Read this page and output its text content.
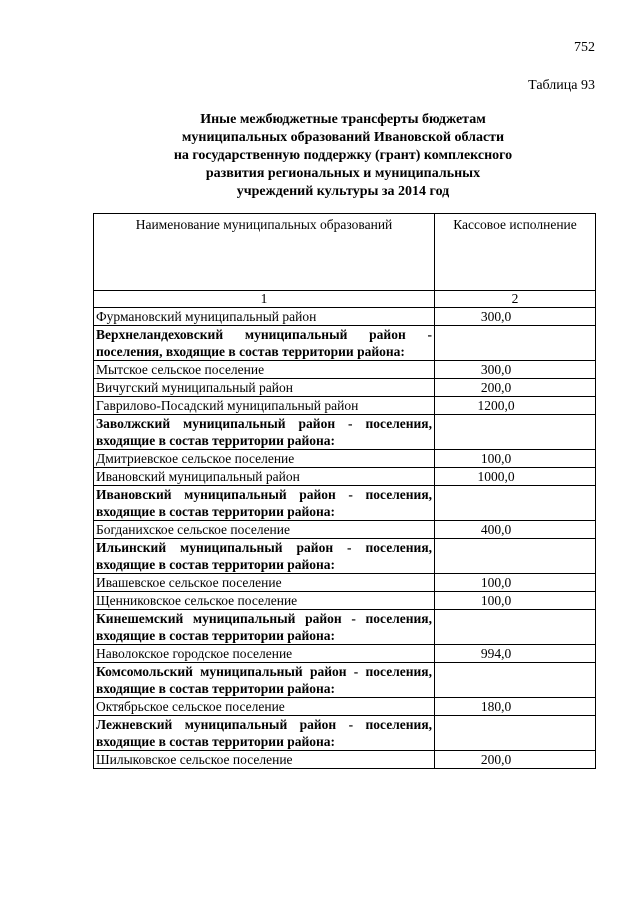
752
Таблица 93
Иные межбюджетные трансферты бюджетам
муниципальных образований Ивановской области
на государственную поддержку (грант) комплексного
развития региональных и муниципальных
учреждений культуры за 2014 год
Наименование муниципальных образований	Кассовое исполнение
1	2
Фурмановский муниципальный район	300,0
Верхнеландеховский муниципальный район - поселения, входящие в состав территории района:	
Мытское сельское поселение	300,0
Вичугский муниципальный район	200,0
Гаврилово-Посадский муниципальный район	1200,0
Заволжский муниципальный район - поселения, входящие в состав территории района:	
Дмитриевское сельское поселение	100,0
Ивановский муниципальный район	1000,0
Ивановский муниципальный район - поселения, входящие в состав территории района:	
Богданихское сельское поселение	400,0
Ильинский муниципальный район - поселения, входящие в состав территории района:	
Ивашевское сельское поселение	100,0
Щенниковское сельское поселение	100,0
Кинешемский муниципальный район - поселения, входящие в состав территории района:	
Наволокское городское поселение	994,0
Комсомольский муниципальный район - поселения, входящие в состав территории района:	
Октябрьское сельское поселение	180,0
Лежневский муниципальный район - поселения, входящие в состав территории района:	
Шилыковское сельское поселение	200,0
